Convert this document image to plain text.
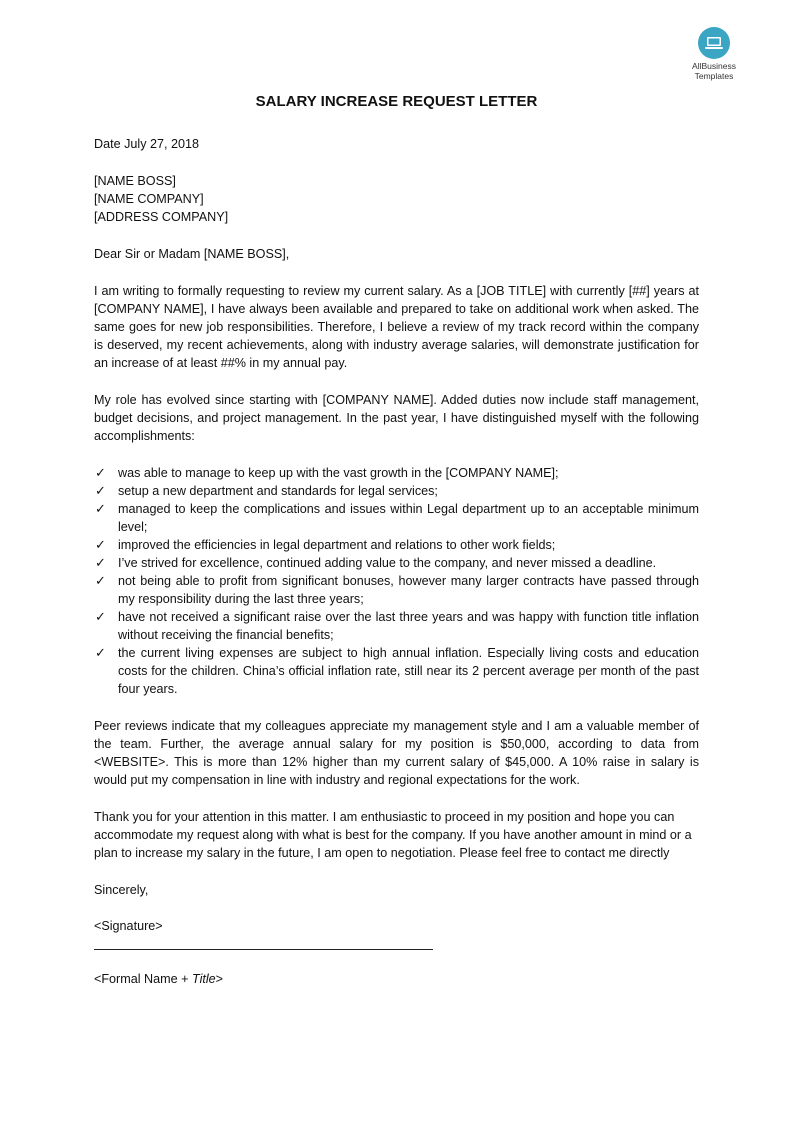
AllBusiness
Templates
SALARY INCREASE REQUEST LETTER

Date July 27, 2018

[NAME BOSS]
[NAME COMPANY]
[ADDRESS COMPANY]

Dear Sir or Madam [NAME BOSS],

I am writing to formally requesting to review my current salary. As a [JOB TITLE] with currently [##] years at [COMPANY NAME], I have always been available and prepared to take on additional work when asked. The same goes for new job responsibilities. Therefore, I believe a review of my track record within the company is deserved, my recent achievements, along with industry average salaries, will demonstrate justification for an increase of at least ##% in my annual pay.

My role has evolved since starting with [COMPANY NAME]. Added duties now include staff management, budget decisions, and project management. In the past year, I have distinguished myself with the following accomplishments:

✓ was able to manage to keep up with the vast growth in the [COMPANY NAME];
✓ setup a new department and standards for legal services;
✓ managed to keep the complications and issues within Legal department up to an acceptable minimum level;
✓ improved the efficiencies in legal department and relations to other work fields;
✓ I’ve strived for excellence, continued adding value to the company, and never missed a deadline.
✓ not being able to profit from significant bonuses, however many larger contracts have passed through my responsibility during the last three years;
✓ have not received a significant raise over the last three years and was happy with function title inflation without receiving the financial benefits;
✓ the current living expenses are subject to high annual inflation. Especially living costs and education costs for the children. China’s official inflation rate, still near its 2 percent average per month of the past four years.

Peer reviews indicate that my colleagues appreciate my management style and I am a valuable member of the team. Further, the average annual salary for my position is $50,000, according to data from <WEBSITE>. This is more than 12% higher than my current salary of $45,000. A 10% raise in salary is would put my compensation in line with industry and regional expectations for the work.

Thank you for your attention in this matter. I am enthusiastic to proceed in my position and hope you can accommodate my request along with what is best for the company. If you have another amount in mind or a plan to increase my salary in the future, I am open to negotiation. Please feel free to contact me directly

Sincerely,

<Signature>

<Formal Name + Title>
